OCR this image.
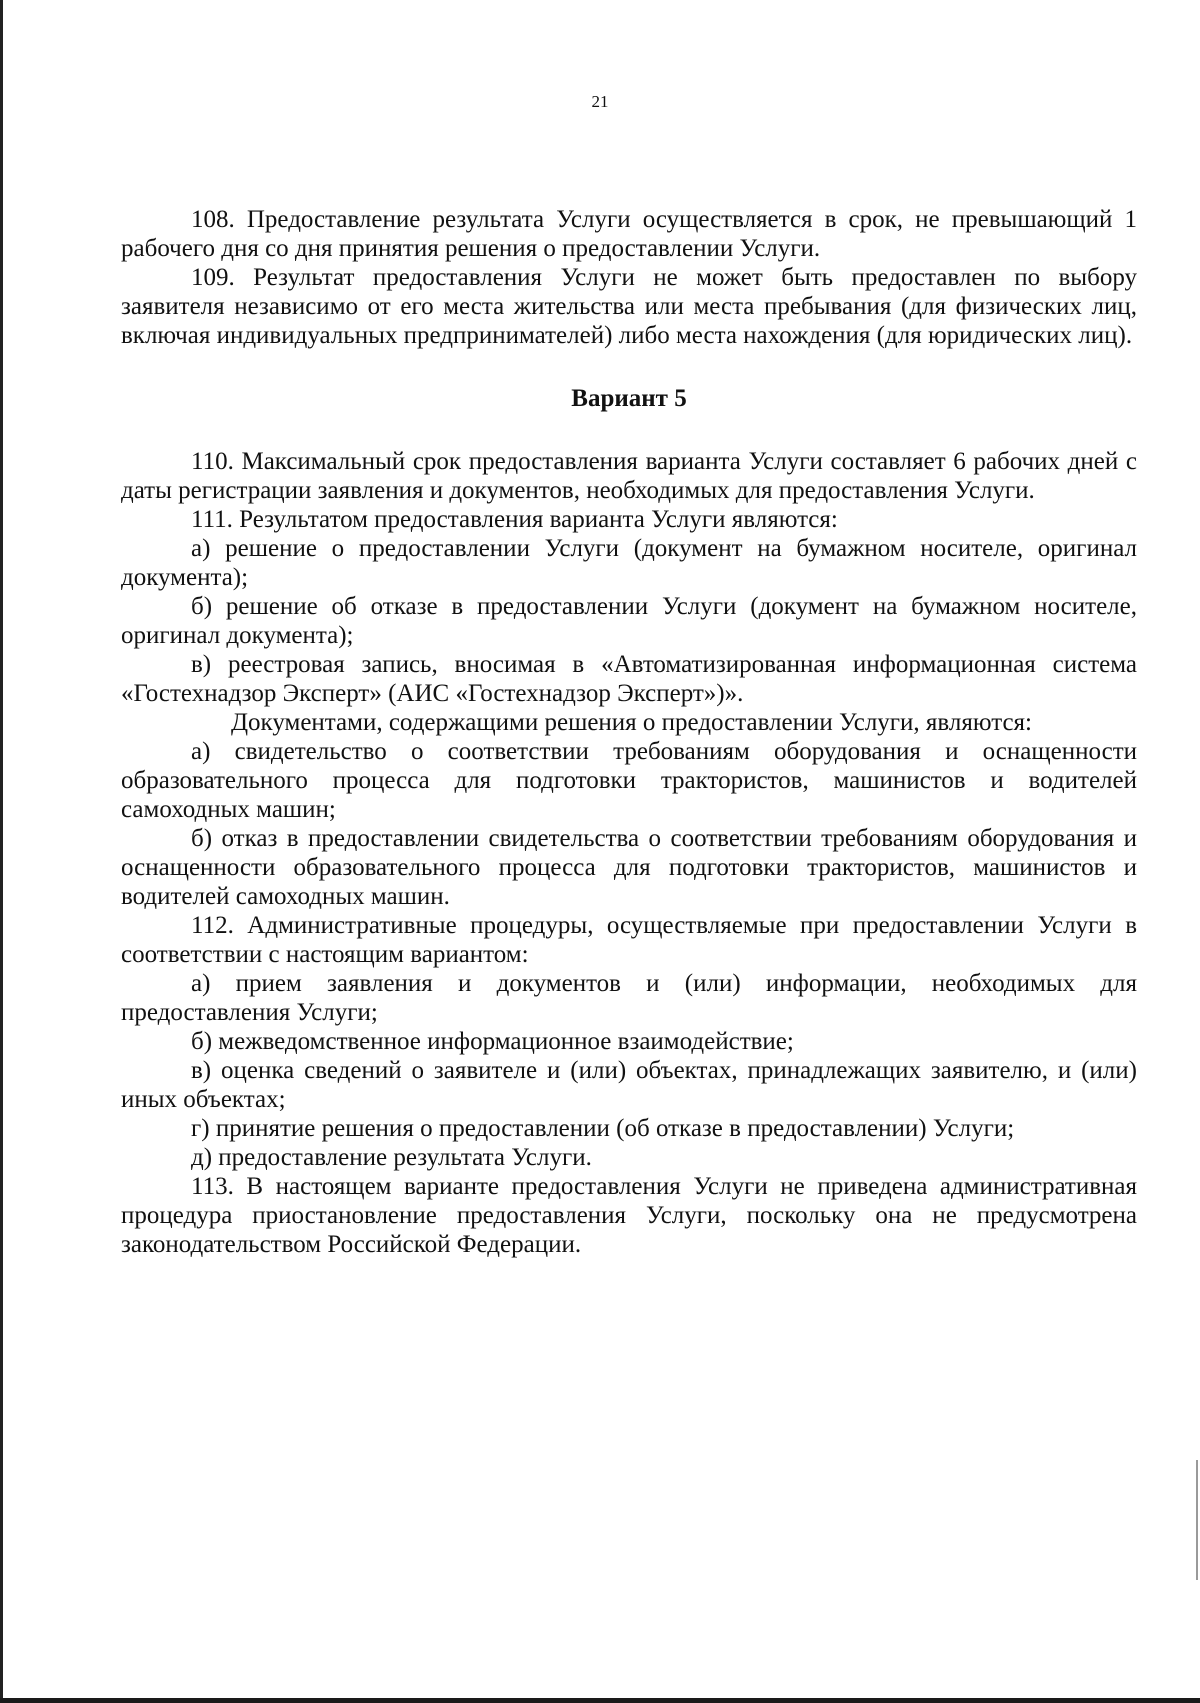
21

108. Предоставление результата Услуги осуществляется в срок, не превышающий 1 рабочего дня со дня принятия решения о предоставлении Услуги.

109. Результат предоставления Услуги не может быть предоставлен по выбору заявителя независимо от его места жительства или места пребывания (для физических лиц, включая индивидуальных предпринимателей) либо места нахождения (для юридических лиц).

Вариант 5

110. Максимальный срок предоставления варианта Услуги составляет 6 рабочих дней с даты регистрации заявления и документов, необходимых для предоставления Услуги.

111. Результатом предоставления варианта Услуги являются:

а) решение о предоставлении Услуги (документ на бумажном носителе, оригинал документа);

б) решение об отказе в предоставлении Услуги (документ на бумажном носителе, оригинал документа);

в) реестровая запись, вносимая в «Автоматизированная информационная система «Гостехнадзор Эксперт» (АИС «Гостехнадзор Эксперт»)».

Документами, содержащими решения о предоставлении Услуги, являются:

а) свидетельство о соответствии требованиям оборудования и оснащенности образовательного процесса для подготовки трактористов, машинистов и водителей самоходных машин;

б) отказ в предоставлении свидетельства о соответствии требованиям оборудования и оснащенности образовательного процесса для подготовки трактористов, машинистов и водителей самоходных машин.

112. Административные процедуры, осуществляемые при предоставлении Услуги в соответствии с настоящим вариантом:

а) прием заявления и документов и (или) информации, необходимых для предоставления Услуги;

б) межведомственное информационное взаимодействие;

в) оценка сведений о заявителе и (или) объектах, принадлежащих заявителю, и (или) иных объектах;

г) принятие решения о предоставлении (об отказе в предоставлении) Услуги;

д) предоставление результата Услуги.

113. В настоящем варианте предоставления Услуги не приведена административная процедура приостановление предоставления Услуги, поскольку она не предусмотрена законодательством Российской Федерации.
